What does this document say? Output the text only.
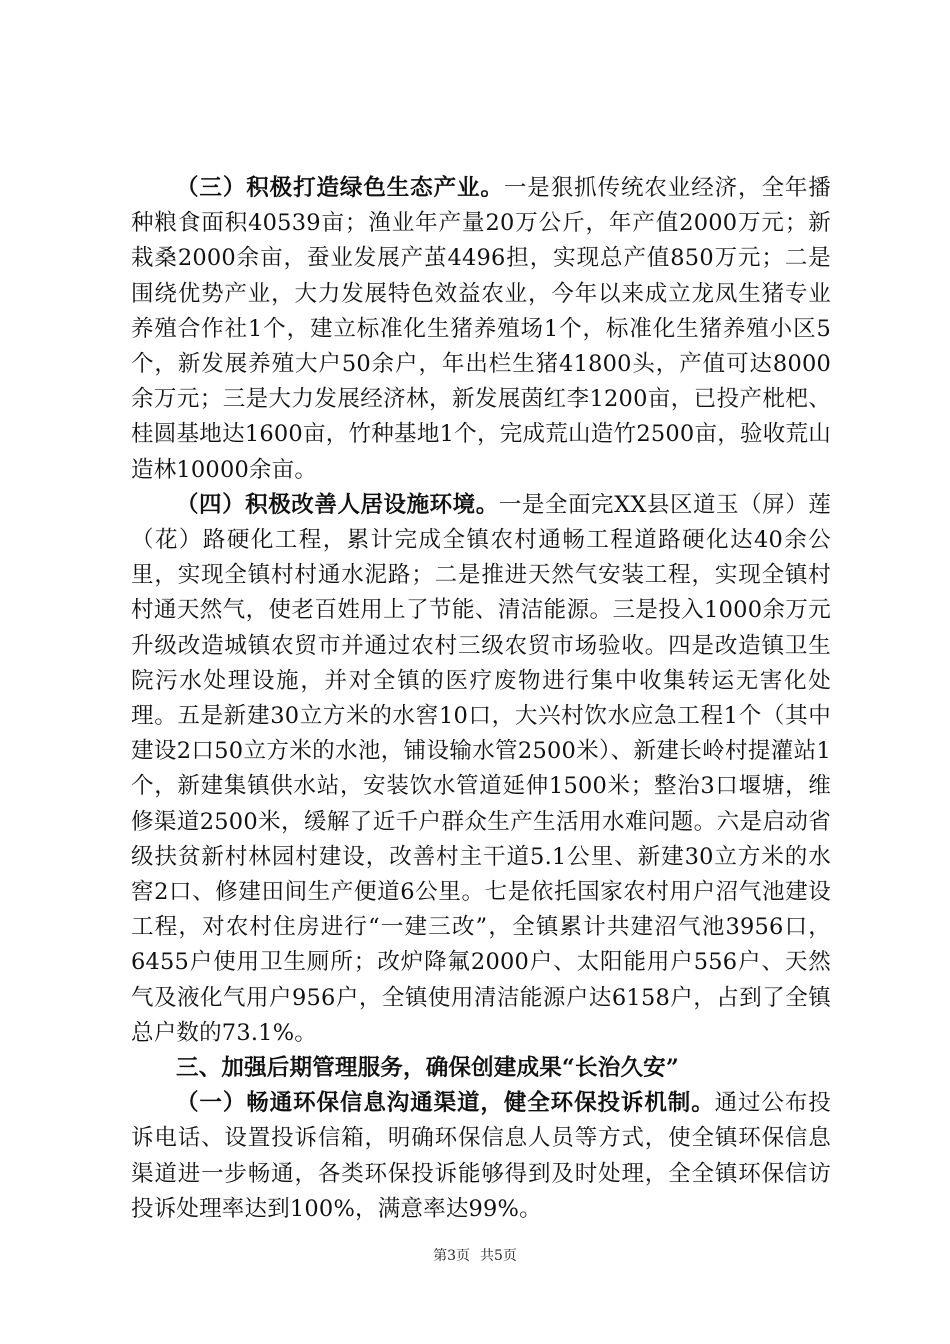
（三）积极打造绿色生态产业。一是狠抓传统农业经济，全年播种粮食面积40539亩；渔业年产量20万公斤，年产值2000万元；新栽桑2000余亩，蚕业发展产茧4496担，实现总产值850万元；二是围绕优势产业，大力发展特色效益农业，今年以来成立龙凤生猪专业养殖合作社1个，建立标准化生猪养殖场1个，标准化生猪养殖小区5个，新发展养殖大户50余户，年出栏生猪41800头，产值可达8000余万元；三是大力发展经济林，新发展茵红李1200亩，已投产枇杷、桂圆基地达1600亩，竹种基地1个，完成荒山造竹2500亩，验收荒山造林10000余亩。

（四）积极改善人居设施环境。一是全面完XX县区道玉（屏）莲（花）路硬化工程，累计完成全镇农村通畅工程道路硬化达40余公里，实现全镇村村通水泥路；二是推进天然气安装工程，实现全镇村村通天然气，使老百姓用上了节能、清洁能源。三是投入1000余万元升级改造城镇农贸市并通过农村三级农贸市场验收。四是改造镇卫生院污水处理设施，并对全镇的医疗废物进行集中收集转运无害化处理。五是新建30立方米的水窖10口，大兴村饮水应急工程1个（其中建设2口50立方米的水池，铺设输水管2500米）、新建长岭村提灌站1个，新建集镇供水站，安装饮水管道延伸1500米；整治3口堰塘，维修渠道2500米，缓解了近千户群众生产生活用水难问题。六是启动省级扶贫新村林园村建设，改善村主干道5.1公里、新建30立方米的水窖2口、修建田间生产便道6公里。七是依托国家农村用户沼气池建设工程，对农村住房进行“一建三改”，全镇累计共建沼气池3956口，6455户使用卫生厕所；改炉降氟2000户、太阳能用户556户、天然气及液化气用户956户，全镇使用清洁能源户达6158户，占到了全镇总户数的73.1%。

三、加强后期管理服务，确保创建成果“长治久安”

（一）畅通环保信息沟通渠道，健全环保投诉机制。通过公布投诉电话、设置投诉信箱，明确环保信息人员等方式，使全镇环保信息渠道进一步畅通，各类环保投诉能够得到及时处理，全全镇环保信访投诉处理率达到100%，满意率达99%。

第3页 共5页
